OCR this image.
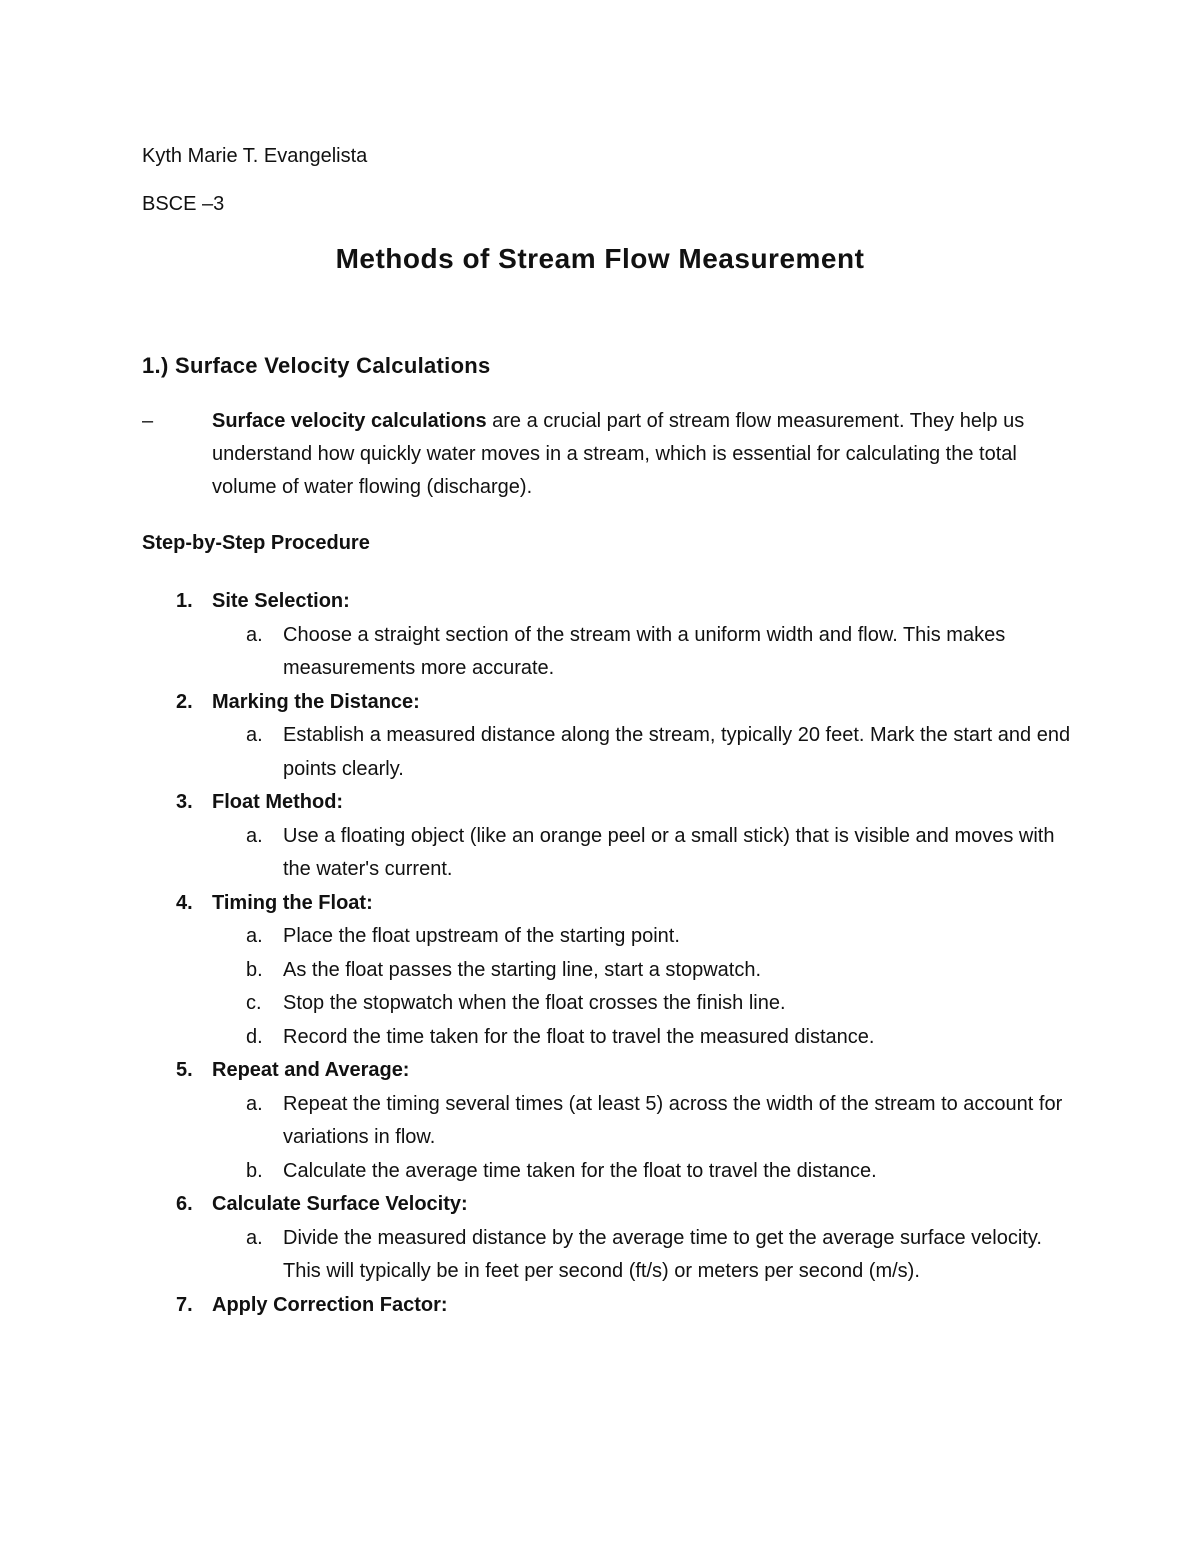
Kyth Marie T. Evangelista
BSCE –3
Methods of Stream Flow Measurement
1.) Surface Velocity Calculations
–	Surface velocity calculations are a crucial part of stream flow measurement. They help us understand how quickly water moves in a stream, which is essential for calculating the total volume of water flowing (discharge).
Step-by-Step Procedure
1. Site Selection:
a. Choose a straight section of the stream with a uniform width and flow. This makes measurements more accurate.
2. Marking the Distance:
a. Establish a measured distance along the stream, typically 20 feet. Mark the start and end points clearly.
3. Float Method:
a. Use a floating object (like an orange peel or a small stick) that is visible and moves with the water's current.
4. Timing the Float:
a. Place the float upstream of the starting point.
b. As the float passes the starting line, start a stopwatch.
c. Stop the stopwatch when the float crosses the finish line.
d. Record the time taken for the float to travel the measured distance.
5. Repeat and Average:
a. Repeat the timing several times (at least 5) across the width of the stream to account for variations in flow.
b. Calculate the average time taken for the float to travel the distance.
6. Calculate Surface Velocity:
a. Divide the measured distance by the average time to get the average surface velocity. This will typically be in feet per second (ft/s) or meters per second (m/s).
7. Apply Correction Factor:
